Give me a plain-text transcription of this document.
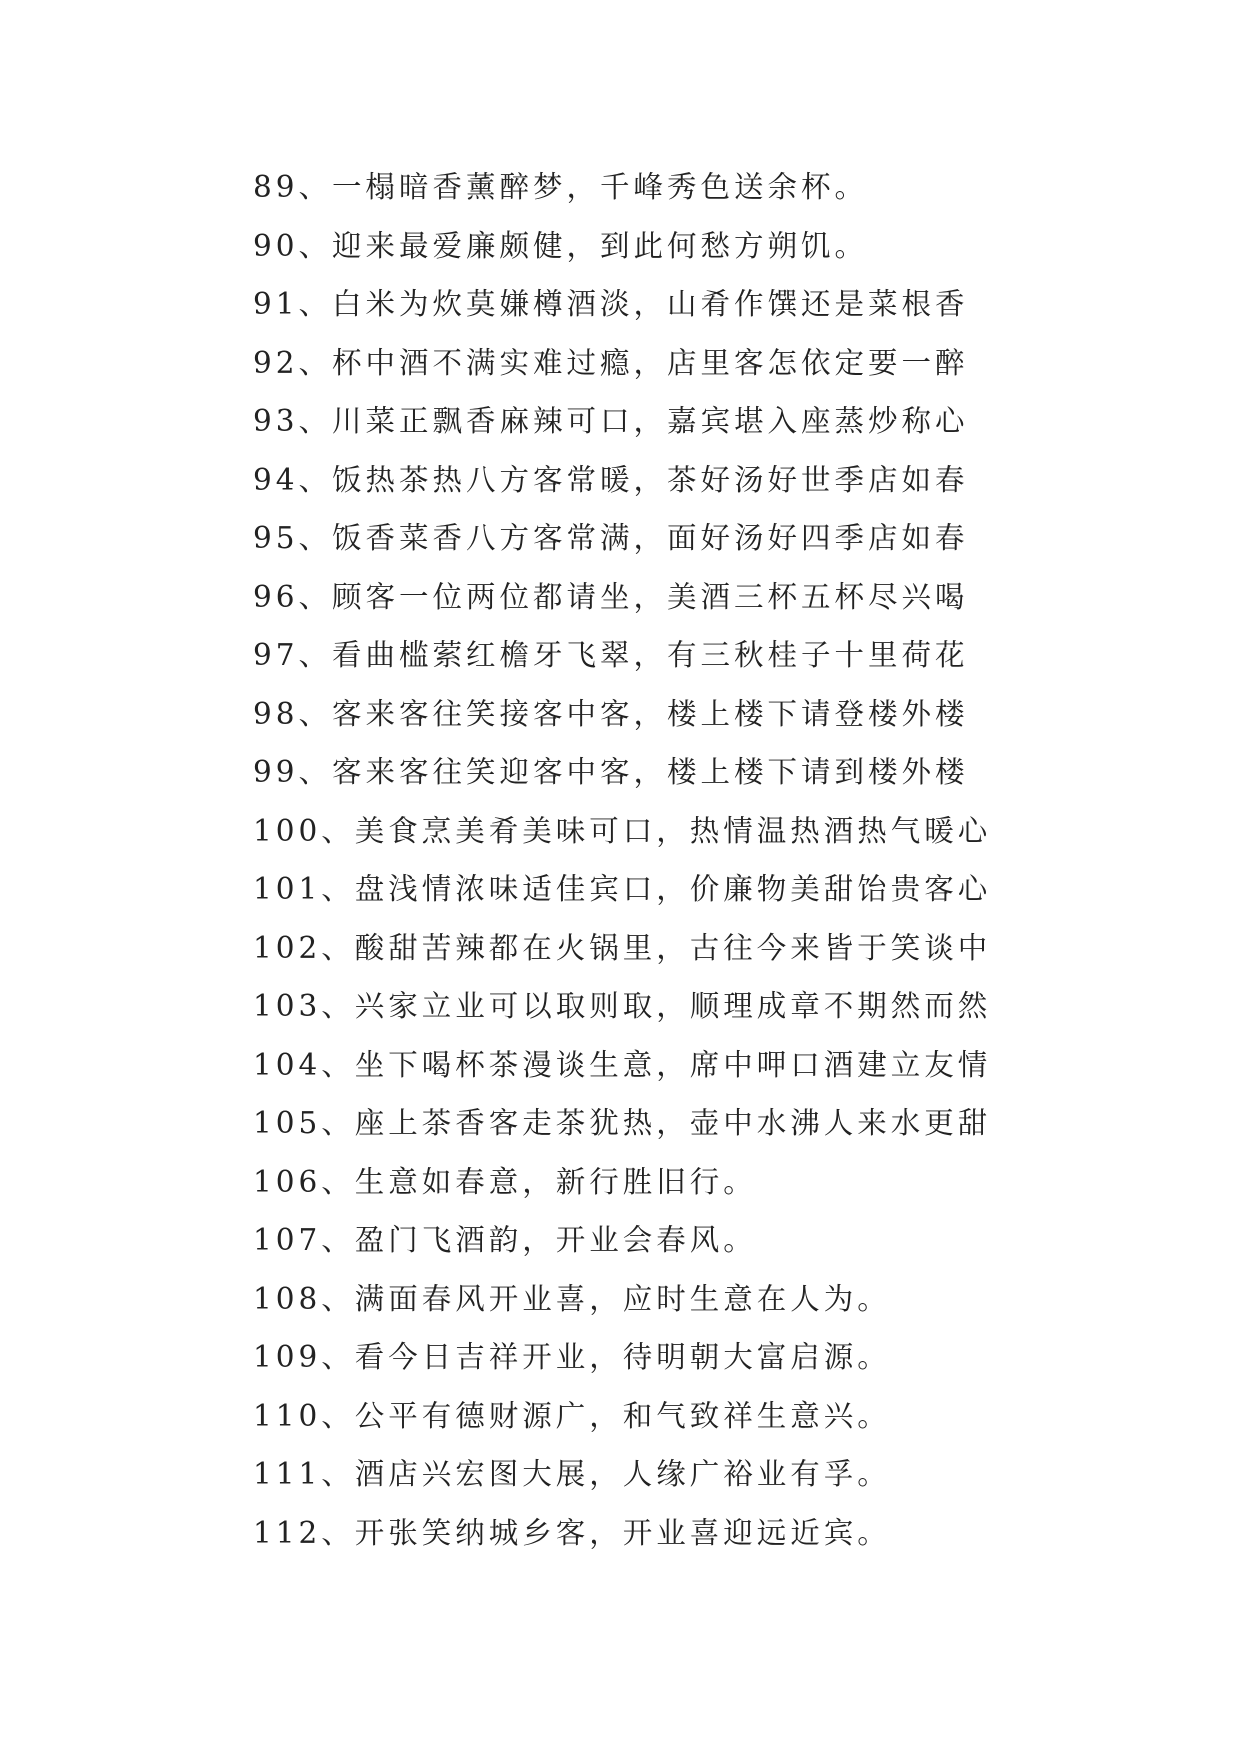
89、一榻暗香薰醉梦，千峰秀色送余杯。
90、迎来最爱廉颇健，到此何愁方朔饥。
91、白米为炊莫嫌樽酒淡，山肴作馔还是菜根香
92、杯中酒不满实难过瘾，店里客怎依定要一醉
93、川菜正飘香麻辣可口，嘉宾堪入座蒸炒称心
94、饭热茶热八方客常暖，茶好汤好世季店如春
95、饭香菜香八方客常满，面好汤好四季店如春
96、顾客一位两位都请坐，美酒三杯五杯尽兴喝
97、看曲槛萦红檐牙飞翠，有三秋桂子十里荷花
98、客来客往笑接客中客，楼上楼下请登楼外楼
99、客来客往笑迎客中客，楼上楼下请到楼外楼
100、美食烹美肴美味可口，热情温热酒热气暖心
101、盘浅情浓味适佳宾口，价廉物美甜饴贵客心
102、酸甜苦辣都在火锅里，古往今来皆于笑谈中
103、兴家立业可以取则取，顺理成章不期然而然
104、坐下喝杯茶漫谈生意，席中呷口酒建立友情
105、座上茶香客走茶犹热，壶中水沸人来水更甜
106、生意如春意，新行胜旧行。
107、盈门飞酒韵，开业会春风。
108、满面春风开业喜，应时生意在人为。
109、看今日吉祥开业，待明朝大富启源。
110、公平有德财源广，和气致祥生意兴。
111、酒店兴宏图大展，人缘广裕业有孚。
112、开张笑纳城乡客，开业喜迎远近宾。
